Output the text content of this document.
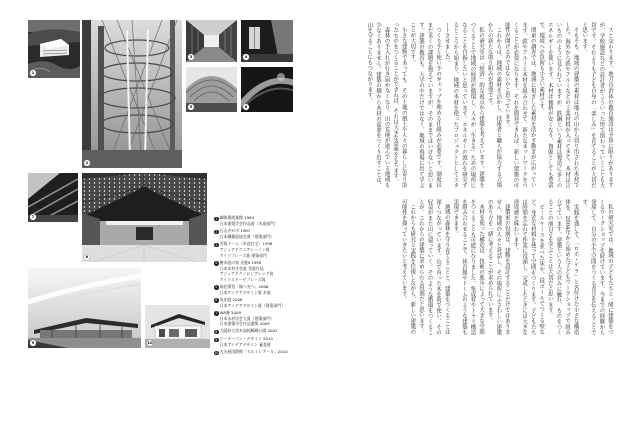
1
2
3	4
5	6
7
8
9	10
1 御殿場商業館 1964
日本建築学会作品賞（木造部門）
2 石山ガゼボ 1987
日本鋼構造協会賞（建築部門）
3 芳賀ドーム（木造住宅）1998
アジュアテクニアレーイン賞
アイソプレーズ賞 建築部門
4 樹木庭の家 光庭Ⅱ 1998
日本木材学会賞 受賞作品
アジュアテクノロジアレッド賞
アイソスタービプレーズ賞
5 福住漢堂「縁へ光へ」2006
日本アイデアデザイン賞 木賞
6 成光庭 2008
日本アイデアデザイン賞（建築部門）
7 WA庵 2009
日本木材学会大賞（建築部門）
日本建築学会作品選集 2009
8 大阪府立茨木高校鶴峰公園 2002
9 ピーターパン・デザイン 2010
日本アイデアデザイン 審査賞
10名古屋国際館「セルミレアール」2010

スと交わります。地方自治体の教育施設は予算に限りがありますが、学校施設などの設計者がこういった形で関わっていくことも大切です。それよりも子ども自身の「楽しみ」を育てることが大切だと思います。

そもそも、地域の建築の素材は地元の山から切り出された木材でした。海外から鉄やアルミなどの工業材料が入ってきて、木材は古いもののように見られていますが、鉄鋼という素材は製造に多くのエネルギーを使います。木材は価格が安くなり、資源としても豊富で、環境への負荷も小さい素材です。

関東の調査では、地域に根ざした素材を活かす動きが広がっています。鉄やアルミと木材を組み合わせて、新たなネットワークをつくることが必要になります。それを開発できれば、新しい建築の可能性が開けるのではないかと思っています。

これからは、地域の素材を活かし、技術者と職人が協力する立場からの新たな取り組みが重要です。

私の研究室は「経済」的な視点から建築を考えています。建築をつくることで地域の経済が循環し、人々が「生きる」ための場所になることを目指したいと思っています。エネルギーの流れを研究するところから始まり、地域の木材を使ったプロジェクトとしてスタートさせました。

つくり手と使い手のギャップを埋める仕組みが必要です。制度はまだ多くの課題を抱えていますが、そのままではいけないと思います。建築の教育も、大学の中だけではなく、地域の現場に出て学ぶことが大切です。

小さな建物であっても、その土地の風土や人々の暮らしに寄り添ったものをつくることができれば、それは大きな意味をもちます。

森林の手入れが行き届かなくなり、山の荒廃が進んでいる地域も少なくありません。建築の側から木材の需要をつくり出すことは、山を守ることにもつながります。

私の研究室では、地域の子どもたちと一緒に建築をつくるワークショップを続けています。今までの経験から発展して、自分の手で空間をつくる喜びを伝えることです。

実践を通して、「ロボ・ケラ」と名付けた小さな構造体を、2004年から始めた子どもワークショップで組み立てています。建築という人の営みに触れ、ものをつくることの面白さを学ぶことは大切だと思います。

ビールケースを並べた床や、段ボールでつくる壁など、身近な材料を使って空間をつくります。子どもたちは時間を忘れて作業に没頭し、完成したときには大きな達成感を味わいます。

建築家の役割は、建物を設計することだけではありません。地域の人々と対話し、その場所にふさわしい建築のあり方を一緒に考えることが求められています。

木材を使った構造は、技術の進歩によって大きな空間をつくることも可能になりました。集成材やトラス構造を組み合わせることで、体育館やドームのような建築も実現できます。

地域の森林を守り育てることと、建築をつくることは深くつながっています。山で育った木を街で使い、その収益がまた山に還っていく。そのような循環をつくることが、これからの建築に求められる役割だと思います。

これからも研究と実践を往復しながら、新しい建築の可能性を探っていきたいと考えています。
